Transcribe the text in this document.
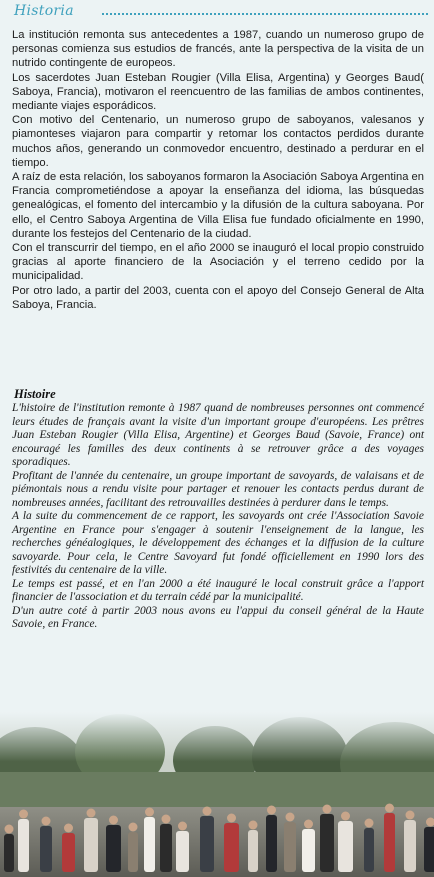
Historia

La institución remonta sus antecedentes a 1987, cuando un numeroso grupo de personas comienza sus estudios de francés, ante la perspectiva de la visita de un nutrido contingente de europeos.

Los sacerdotes Juan Esteban Rougier (Villa Elisa, Argentina) y Georges Baud( Saboya, Francia), motivaron el reencuentro de las familias de ambos continentes, mediante viajes esporádicos.

Con motivo del Centenario, un numeroso grupo de saboyanos, valesanos y piamonteses viajaron para compartir y retomar los contactos perdidos durante muchos años, generando un conmovedor encuentro, destinado a perdurar en el tiempo.

A raíz de esta relación, los saboyanos formaron la Asociación Saboya Argentina en Francia comprometiéndose a apoyar la enseñanza del idioma, las búsquedas genealógicas, el fomento del intercambio y la difusión de la cultura saboyana. Por ello, el Centro Saboya Argentina de Villa Elisa fue fundado oficialmente en 1990, durante los festejos del Centenario de la ciudad.

Con el transcurrir del tiempo, en el año 2000 se inauguró el local propio construido gracias al aporte financiero de la Asociación y el terreno cedido por la municipalidad.

Por otro lado, a partir del 2003, cuenta con el apoyo del Consejo General de Alta Saboya, Francia.

Histoire

L'histoire de l'institution remonte à 1987 quand de nombreuses personnes ont commencé leurs études de français avant la visite d'un important groupe d'européens. Les prêtres Juan Esteban Rougier (Villa Elisa, Argentine) et Georges Baud (Savoie, France) ont encouragé les familles des deux continents à se retrouver grâce a des voyages sporadiques.

Profitant de l'année du centenaire, un groupe important de savoyards, de valaisans et de piémontais nous a rendu visite pour partager et renouer les contacts perdus durant de nombreuses années, facilitant des retrouvailles destinées à perdurer dans le temps.

A la suite du commencement de ce rapport, les savoyards ont crée l'Association Savoie Argentine en France pour s'engager à soutenir l'enseignement de la langue, les recherches généalogiques, le développement des échanges et la diffusion de la culture savoyarde. Pour cela, le Centre Savoyard fut fondé officiellement en 1990 lors des festivités du centenaire de la ville.

Le temps est passé, et en l'an 2000 a été inauguré le local construit grâce a l'apport financier de l'association et du terrain cédé par la municipalité.

D'un autre coté à partir 2003 nous avons eu l'appui du conseil général de la Haute Savoie, en France.
